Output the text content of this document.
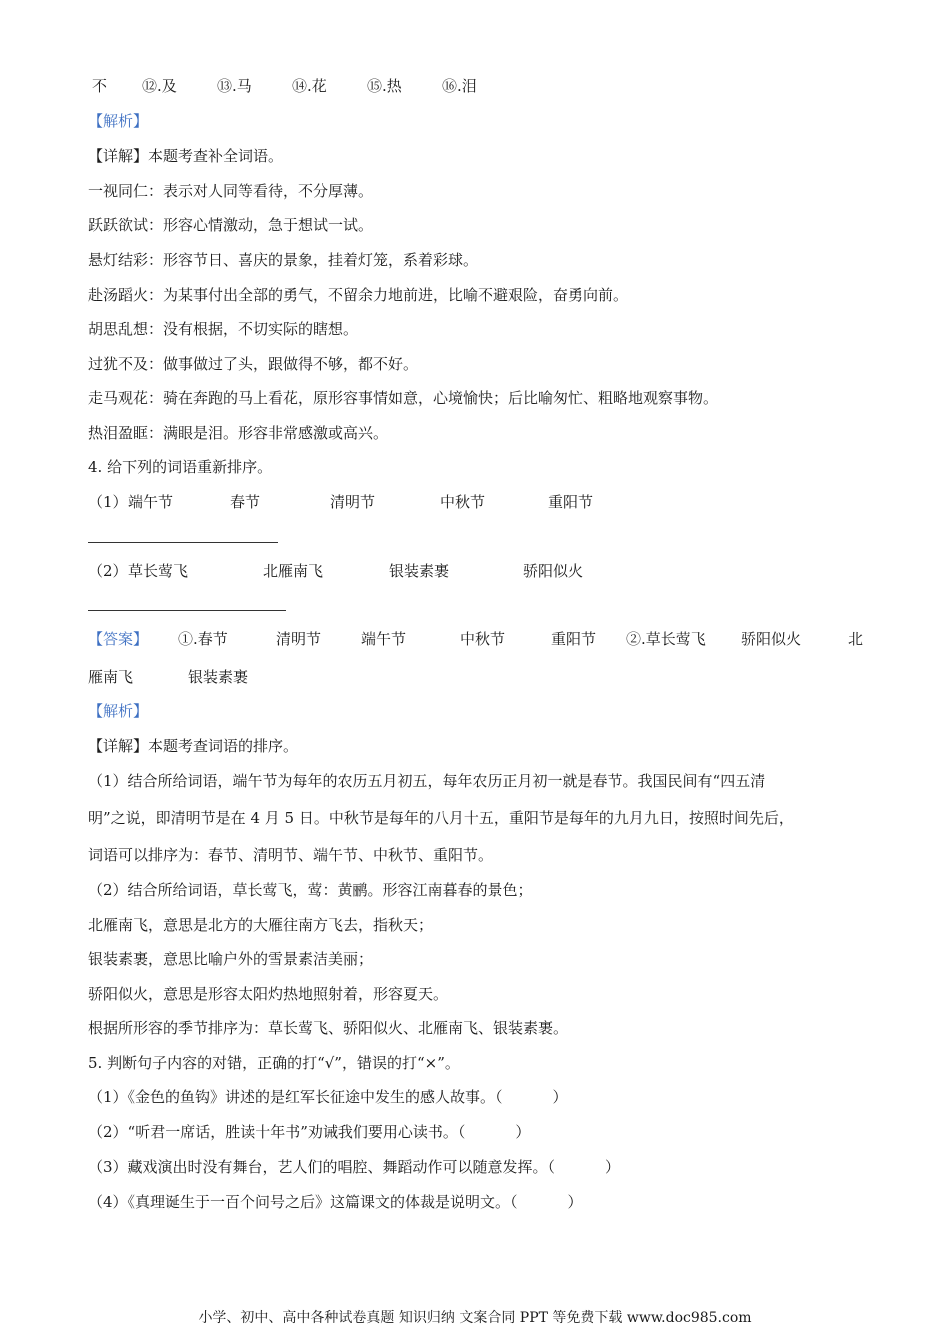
不 ⑫.及	⑬.马	⑭.花	⑮.热	⑯.泪
【解析】
【详解】本题考查补全词语。
一视同仁：表示对人同等看待，不分厚薄。
跃跃欲试：形容心情激动，急于想试一试。
悬灯结彩：形容节日、喜庆的景象，挂着灯笼，系着彩球。
赴汤蹈火：为某事付出全部的勇气，不留余力地前进，比喻不避艰险，奋勇向前。
胡思乱想：没有根据，不切实际的瞎想。
过犹不及：做事做过了头，跟做得不够，都不好。
走马观花：骑在奔跑的马上看花，原形容事情如意，心境愉快；后比喻匆忙、粗略地观察事物。
热泪盈眶：满眼是泪。形容非常感激或高兴。
4. 给下列的词语重新排序。
（1） 端午节	春节	清明节	中秋节	重阳节
（2） 草长莺飞	北雁南飞	银装素裹	骄阳似火
【答案】 ①.春节	清明节	端午节	中秋节	重阳节 ②.草长莺飞 骄阳似火	北
雁南飞	银装素裹
【解析】
【详解】本题考查词语的排序。
（1）结合所给词语，端午节为每年的农历五月初五，每年农历正月初一就是春节。我国民间有“四五清
明”之说，即清明节是在 4 月 5 日。中秋节是每年的八月十五，重阳节是每年的九月九日，按照时间先后，
词语可以排序为：春节、清明节、端午节、中秋节、重阳节。
（2）结合所给词语，草长莺飞，莺：黄鹂。形容江南暮春的景色；
北雁南飞，意思是北方的大雁往南方飞去，指秋天；
银装素裹，意思比喻户外的雪景素洁美丽；
骄阳似火，意思是形容太阳灼热地照射着，形容夏天。
根据所形容的季节排序为：草长莺飞、骄阳似火、北雁南飞、银装素裹。
5. 判断句子内容的对错，正确的打“√”，错误的打“×”。
（1）《金色的鱼钩》讲述的是红军长征途中发生的感人故事。（	）
（2）“听君一席话，胜读十年书”劝诫我们要用心读书。（	）
（3）藏戏演出时没有舞台，艺人们的唱腔、舞蹈动作可以随意发挥。（	）
（4）《真理诞生于一百个问号之后》这篇课文的体裁是说明文。（	）
小学、初中、高中各种试卷真题 知识归纳 文案合同 PPT 等免费下载 www.doc985.com
